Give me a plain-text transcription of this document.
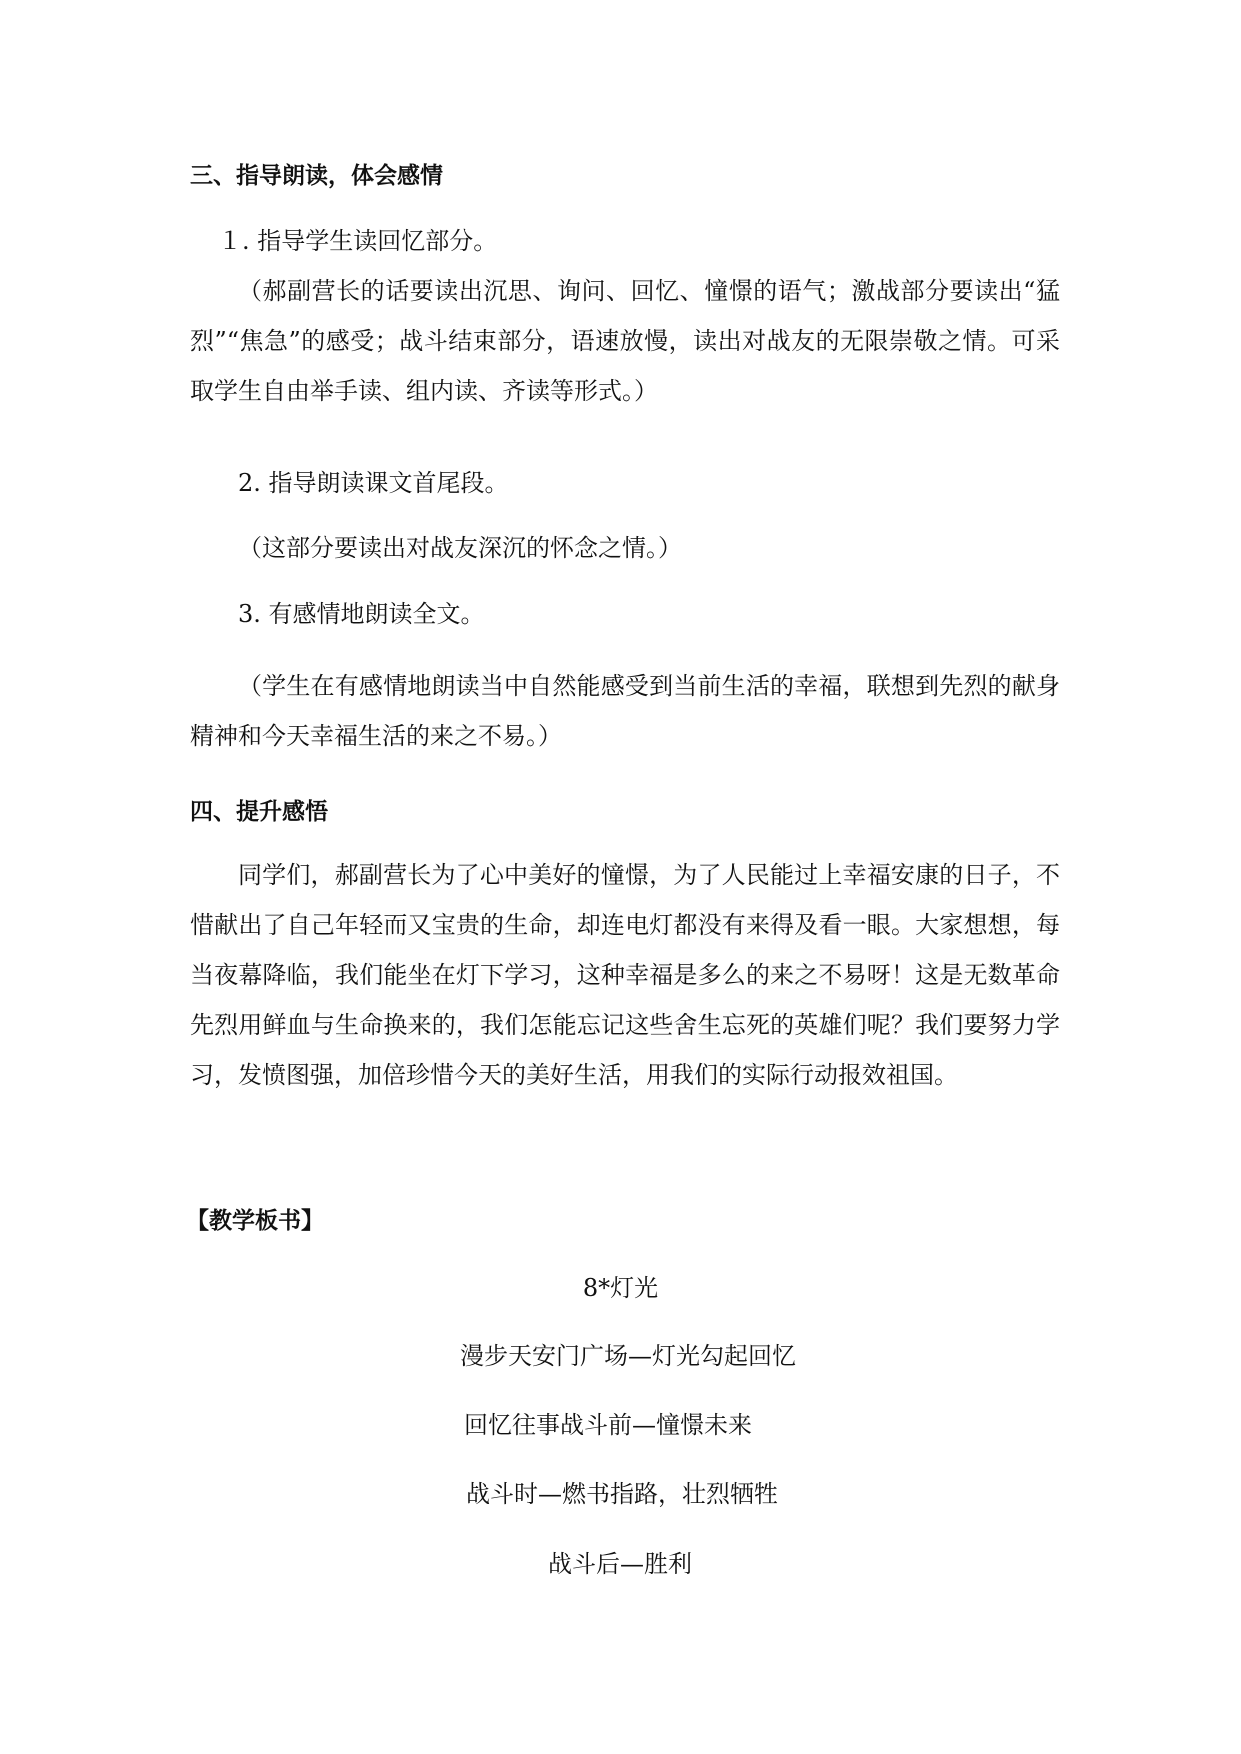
三、指导朗读，体会感情
１. 指导学生读回忆部分。
（郝副营长的话要读出沉思、询问、回忆、憧憬的语气；激战部分要读出“猛烈”“焦急”的感受；战斗结束部分，语速放慢，读出对战友的无限崇敬之情。可采取学生自由举手读、组内读、齐读等形式。）
2. 指导朗读课文首尾段。
（这部分要读出对战友深沉的怀念之情。）
3. 有感情地朗读全文。
（学生在有感情地朗读当中自然能感受到当前生活的幸福，联想到先烈的献身精神和今天幸福生活的来之不易。）
四、提升感悟
同学们，郝副营长为了心中美好的憧憬，为了人民能过上幸福安康的日子，不惜献出了自己年轻而又宝贵的生命，却连电灯都没有来得及看一眼。大家想想，每当夜幕降临，我们能坐在灯下学习，这种幸福是多么的来之不易呀！这是无数革命先烈用鲜血与生命换来的，我们怎能忘记这些舍生忘死的英雄们呢？我们要努力学习，发愤图强，加倍珍惜今天的美好生活，用我们的实际行动报效祖国。
【教学板书】
8*灯光
漫步天安门广场—灯光勾起回忆
回忆往事战斗前—憧憬未来
战斗时—燃书指路，壮烈牺牲
战斗后—胜利
